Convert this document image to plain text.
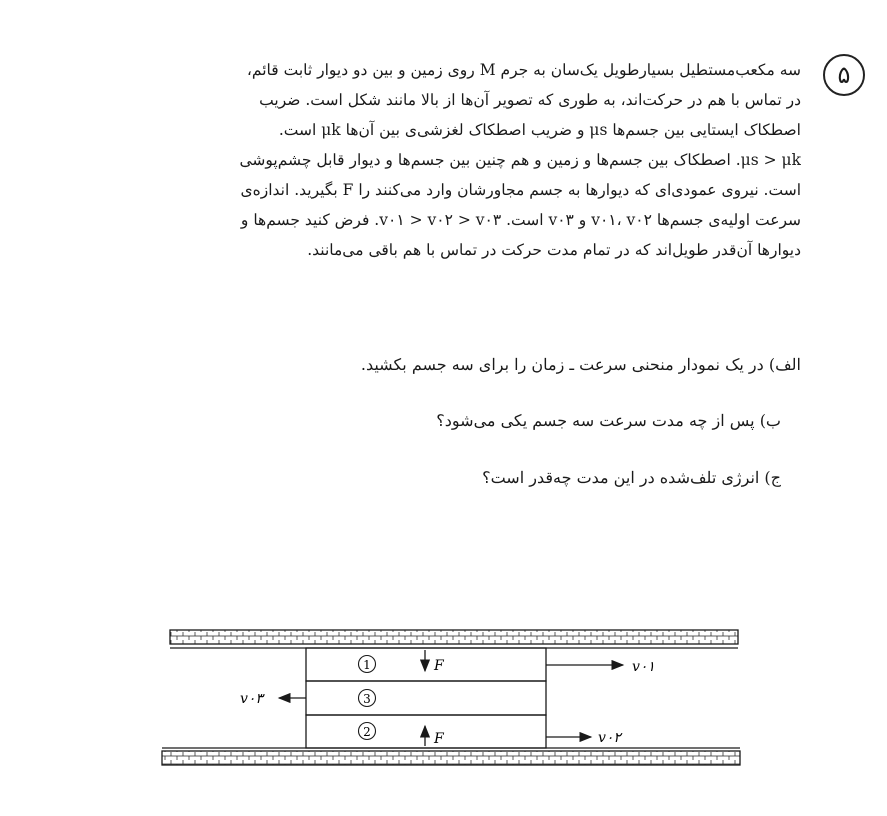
۵
سه مکعب‌مستطیل بسیارطویل یک‌سان به جرم M روی زمین و بین دو دیوار ثابت قائم،
در تماس با هم در حرکت‌اند، به طوری که تصویر آن‌ها از بالا مانند شکل است. ضریب
اصطکاک ایستایی بین جسم‌ها μs و ضریب اصطکاک لغزشی‌ی بین آن‌ها μk است.
μs > μk. اصطکاک بین جسم‌ها و زمین و هم چنین بین جسم‌ها و دیوار قابل چشم‌پوشی
است. نیروی عمودی‌ای که دیوارها به جسم مجاورشان وارد می‌کنند را F بگیرید. اندازه‌ی
سرعت اولیه‌ی جسم‌ها v۰۱، v۰۲ و v۰۳ است. v۰۱ > v۰۲ > v۰۳. فرض کنید جسم‌ها و
دیوارها آن‌قدر طویل‌اند که در تمام مدت حرکت در تماس با هم باقی می‌مانند.
الف) در یک نمودار منحنی سرعت ـ زمان را برای سه جسم بکشید.
ب) پس از چه مدت سرعت سه جسم یکی می‌شود؟
ج) انرژی تلف‌شده در این مدت چه‌قدر است؟
1
3
2
F
F
v۰۱
v۰۲
v۰۳
